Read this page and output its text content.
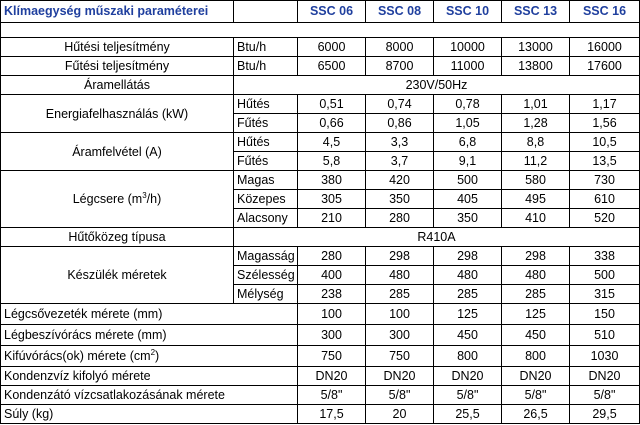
Klímaegység műszaki paraméterei		SSC 06	SSC 08	SSC 10	SSC 13	SSC 16

Hűtési teljesítmény	Btu/h	6000	8000	10000	13000	16000
Fűtési teljesítmény	Btu/h	6500	8700	11000	13800	17600
Áramellátás	230V/50Hz					
Energiafelhasználás (kW)	Hűtés	0,51	0,74	0,78	1,01	1,17
	Fűtés	0,66	0,86	1,05	1,28	1,56
Áramfelvétel (A)	Hűtés	4,5	3,3	6,8	8,8	10,5
	Fűtés	5,8	3,7	9,1	11,2	13,5
Légcsere $(m^3/h)$	Magas	380	420	500	580	730
	Közepes	305	350	405	495	610
	Alacsony	210	280	350	410	520
Hűtőközeg típusa	R410A					
Készülék méretek	Magasság	280	298	298	298	338
	Szélesség	400	480	480	480	500
	Mélység	238	285	285	285	315
Légcsővezeték mérete (mm)		100	100	125	125	150
Légbeszívórács mérete (mm)		300	300	450	450	510
Kifúvórács(ok) mérete $(cm^2)$		750	750	800	800	1030
Kondenzvíz kifolyó mérete		DN20	DN20	DN20	DN20	DN20
Kondenzátó vízcsatlakozásának mérete		5/8"	5/8"	5/8"	5/8"	5/8"
Súly (kg)		17,5	20	25,5	26,5	29,5
